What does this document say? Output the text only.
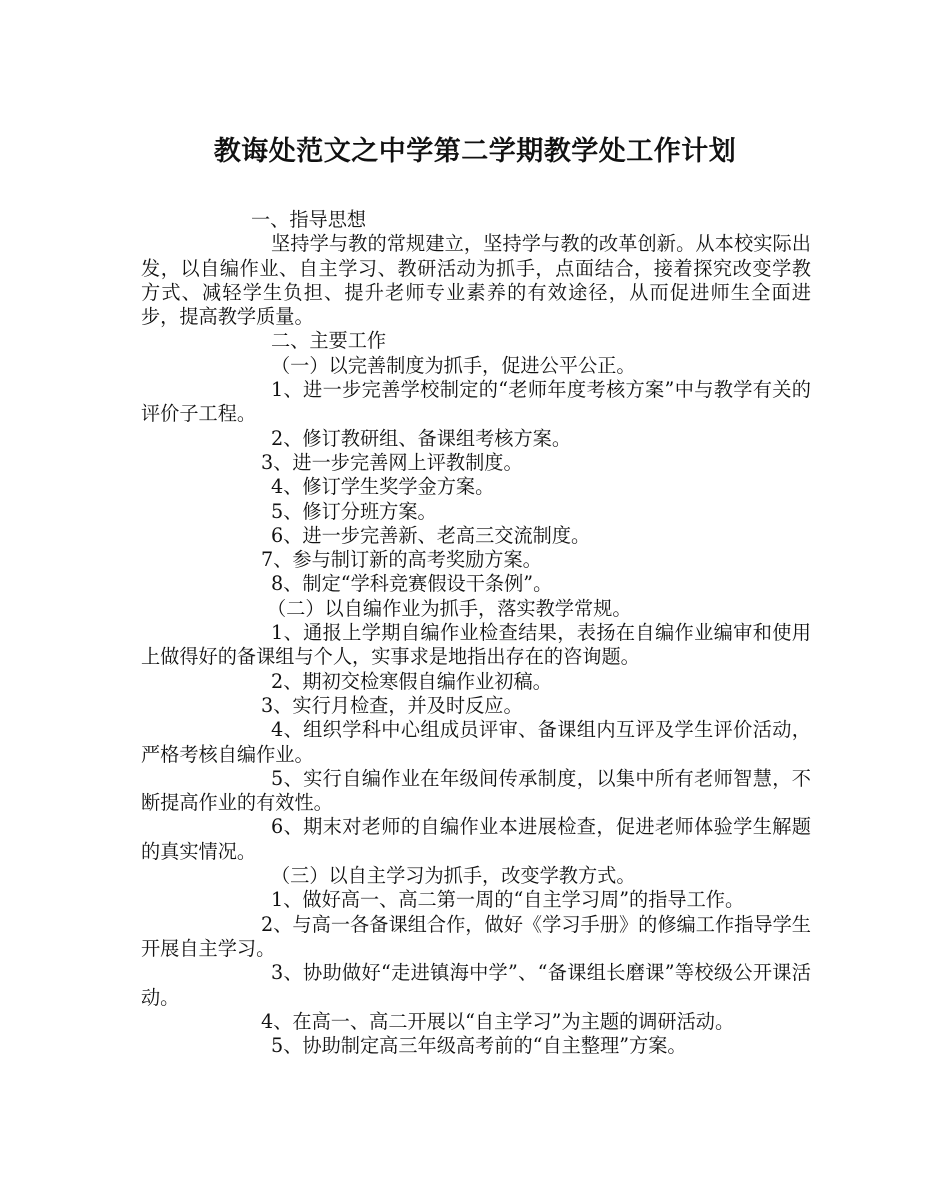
教诲处范文之中学第二学期教学处工作计划

一、指导思想

坚持学与教的常规建立，坚持学与教的改革创新。从本校实际出发，以自编作业、自主学习、教研活动为抓手，点面结合，接着探究改变学教方式、减轻学生负担、提升老师专业素养的有效途径，从而促进师生全面进步，提高教学质量。

二、主要工作

（一）以完善制度为抓手，促进公平公正。

1、进一步完善学校制定的“老师年度考核方案”中与教学有关的评价子工程。

2、修订教研组、备课组考核方案。

3、进一步完善网上评教制度。

4、修订学生奖学金方案。

5、修订分班方案。

6、进一步完善新、老高三交流制度。

7、参与制订新的高考奖励方案。

8、制定“学科竞赛假设干条例”。

（二）以自编作业为抓手，落实教学常规。

1、通报上学期自编作业检查结果，表扬在自编作业编审和使用上做得好的备课组与个人，实事求是地指出存在的咨询题。

2、期初交检寒假自编作业初稿。

3、实行月检查，并及时反应。

4、组织学科中心组成员评审、备课组内互评及学生评价活动，严格考核自编作业。

5、实行自编作业在年级间传承制度，以集中所有老师智慧，不断提高作业的有效性。

6、期末对老师的自编作业本进展检查，促进老师体验学生解题的真实情况。

（三）以自主学习为抓手，改变学教方式。

1、做好高一、高二第一周的“自主学习周”的指导工作。

2、与高一各备课组合作，做好《学习手册》的修编工作指导学生开展自主学习。

3、协助做好“走进镇海中学”、“备课组长磨课”等校级公开课活动。

4、在高一、高二开展以“自主学习”为主题的调研活动。

5、协助制定高三年级高考前的“自主整理”方案。
